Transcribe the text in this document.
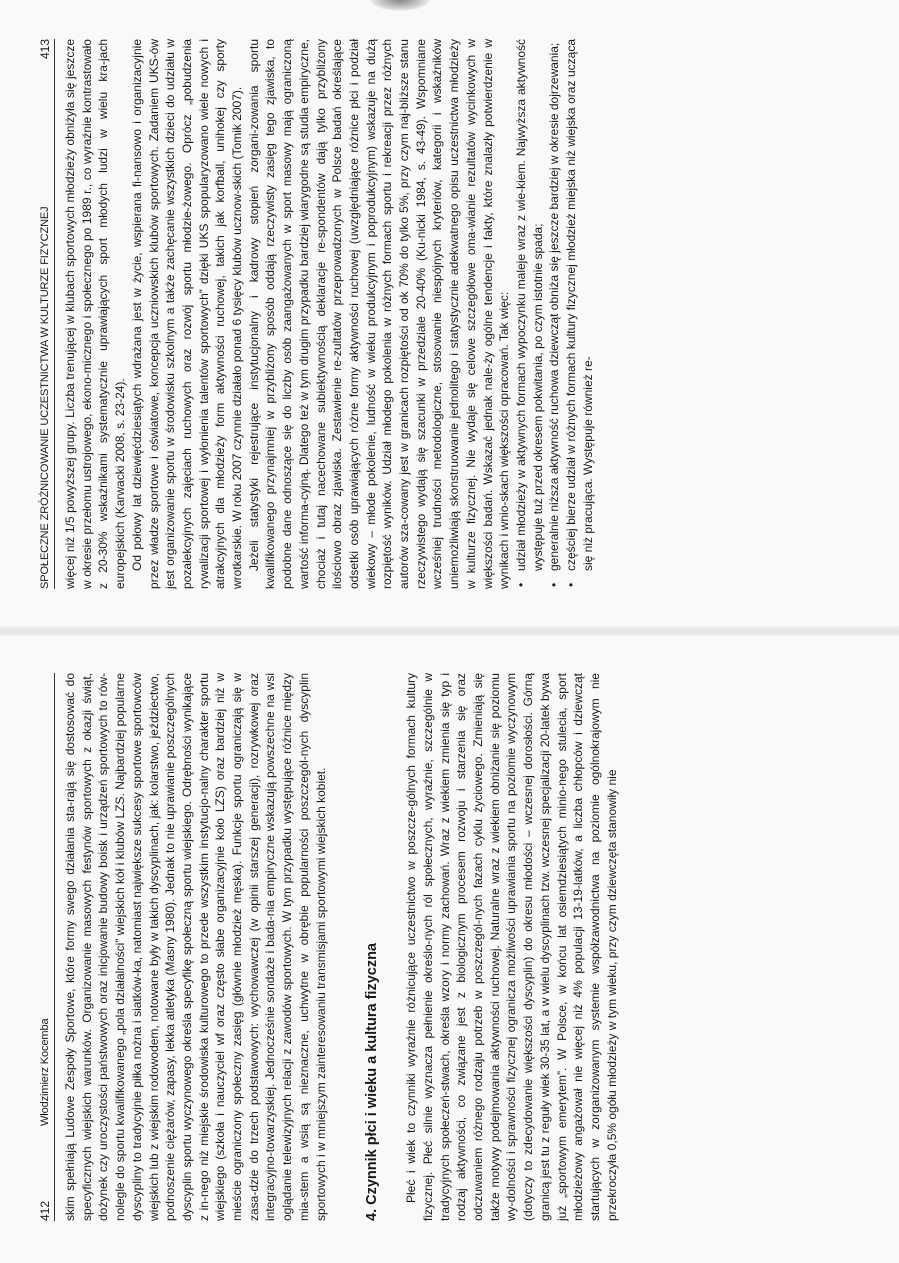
412
Włodzimierz Kocemba skim spełniają Ludowe Zespoły Sportowe, które formy swego działania sta-rają się dostosować do specyficznych wiejskich warunków. Organizowanie masowych festynów sportowych z okazji świąt, dożynek czy uroczystości państwowych oraz inicjowanie budowy boisk i urządzeń sportowych to rów-nolegle do sportu kwalifikowanego „pola działalności” wiejskich kół i klubów LZS. Najbardziej popularne dyscypliny to tradycyjnie piłka nożna i siatków-ka, natomiast największe sukcesy sportowe sportowców wiejskich lub z wiejskim rodowodem, notowane były w takich dyscyplinach, jak: kolarstwo, jeździectwo, podnoszenie ciężarów, zapasy, lekka atletyka (Masny 1980). Jednak to nie uprawianie poszczególnych dyscyplin sportu wyczynowego określa specyfikę społeczną sportu wiejskiego. Odrębności wynikające z in-nego niż miejskie środowiska kulturowego to przede wszystkim instytucjo-nalny charakter sportu wiejskiego (szkoła i nauczyciel wf oraz często słabe organizacyjnie koło LZS) oraz bardziej niż w mieście ograniczony społeczny zasięg (głównie młodzież męska). Funkcje sportu ograniczają się w zasa-dzie do trzech podstawowych: wychowawczej (w opinii starszej generacji), rozrywkowej oraz integracyjno-towarzyskiej. Jednocześnie sondaże i bada-nia empiryczne wskazują powszechne na wsi oglądanie telewizyjnych relacji z zawodów sportowych. W tym przypadku występujące różnice między mia-stem a wsią są nieznaczne, uchwytne w obrębie popularności poszczegól-nych dyscyplin sportowych i w mniejszym zainteresowaniu transmisjami sportowymi wiejskich kobiet.	4. Czynnik płci i wieku a kultura fizyczna Płeć i wiek to czynniki wyraźnie różnicujące uczestnictwo w poszcze-gólnych formach kultury fizycznej. Płeć silnie wyznacza pełnienie określo-nych ról społecznych, wyraźnie, szczególnie w tradycyjnych społeczeń-stwach, określa wzory i normy zachowań. Wraz z wiekiem zmienia się typ i rodzaj aktywności, co związane jest z biologicznym procesem rozwoju i starzenia się oraz odczuwaniem różnego rodzaju potrzeb w poszczegól-nych fazach cyklu życiowego. Zmieniają się także motywy podejmowania aktywności ruchowej. Naturalne wraz z wiekiem obniżanie się poziomu wy-dolności i sprawności fizycznej ogranicza możliwości uprawiania sportu na poziomie wyczynowym (dotyczy to zdecydowanie większości dyscyplin) do okresu młodości – wczesnej dorosłości. Górną granicą jest tu z reguły wiek 30-35 lat, a w wielu dyscyplinach tzw. wczesnej specjalizacji 20-latek bywa już „sportowym emerytem”. W Polsce, w końcu lat osiemdziesiątych minio-nego stulecia, sport młodzieżowy angażował nie więcej niż 4% populacji 13-19-latków, a liczba chłopców i dziewcząt startujących w zorganizowanym systemie współzawodnictwa na poziomie ogólnokrajowym nie przekroczyła 0,5% ogółu młodzieży w tym wieku, przy czym dziewczęta stanowiły nie

SPOŁECZNE ZRÓŻNICOWANIE UCZESTNICTWA W KULTURZE FIZYCZNEJ
413 więcej niż 1/5 powyższej grupy. Liczba trenującej w klubach sportowych młodzieży obniżyła się jeszcze w okresie przełomu ustrojowego, ekono-micznego i społecznego po 1989 r., co wyraźnie kontrastowało z 20-30% wskaźnikami systematycznie uprawiających sport młodych ludzi w wielu kra-jach europejskich (Karwacki 2008, s. 23-24). Od połowy lat dziewięćdziesiątych wdrażana jest w życie, wspierana fi-nansowo i organizacyjnie przez władze sportowe i oświatowe, koncepcja uczniowskich klubów sportowych. Zadaniem UKS-ów jest organizowanie sportu w środowisku szkolnym a także zachęcanie wszystkich dzieci do udziału w pozalekcyjnych zajęciach ruchowych oraz rozwój sportu młodzie-żowego. Oprócz „pobudzenia rywalizacji sportowej i wyłonienia talentów sportowych” dzięki UKS spopularyzowano wiele nowych i atrakcyjnych dla młodzieży form aktywności ruchowej, takich jak korfball, unihokej czy sporty wrotkarskie. W roku 2007 czynnie działało ponad 6 tysięcy klubów ucznow-skich (Tomik 2007). Jeżeli statystyki rejestrujące instytucjonalny i kadrowy stopień zorgani-zowania sportu kwalifikowanego przynajmniej w przybliżony sposób oddają rzeczywisty zasięg tego zjawiska, to podobne dane odnoszące się do liczby osób zaangażowanych w sport masowy mają ograniczoną wartość informa-cyjną. Dlatego też w tym drugim przypadku bardziej wiarygodne są studia empiryczne, chociaż i tutaj nacechowane subiektywnością deklaracje re-spondentów dają tylko przybliżony ilościowo obraz zjawiska. Zestawienie re-zultatów przeprowadzonych w Polsce badań określające odsetki osób uprawiających różne formy aktywności ruchowej (uwzględniające różnice płci i podział wiekowy – młode pokolenie, ludność w wieku produkcyjnym i poprodukcyjnym) wskazuje na dużą rozpiętość wyników. Udział młodego pokolenia w różnych formach sportu i rekreacji przez różnych autorów sza-cowany jest w granicach rozpiętości od ok 70% do tylko 5%, przy czym naj-bliższe stanu rzeczywistego wydają się szacunki w przedziale 20-40% (Ku-nicki 1984, s. 43-49). Wspomniane wcześniej trudności metodologiczne, stosowanie niespójnych kryteriów, kategorii i wskaźników uniemożliwiają skonstruowanie jednolitego i statystycznie adekwatnego opisu uczestnictwa młodzieży w kulturze fizycznej. Nie wydaje się celowe szczegółowe oma-wianie rezultatów wycinkowych w większości badań. Wskazać jednak nale-ży ogólne tendencje i fakty, które znalazły potwierdzenie w wynikach i wnio-skach większości opracowań. Tak więc: • udział młodzieży w aktywnych formach wypoczynku maleje wraz z wie-kiem. Najwyższa aktywność występuje tuż przed okresem pokwitania, po czym istotnie spada; • generalnie niższa aktywność ruchowa dziewcząt obniża się jeszcze bardziej w okresie dojrzewania; • częściej bierze udział w różnych formach kultury fizycznej młodzież miejska niż wiejska oraz ucząca się niż pracująca. Występuje również re-
